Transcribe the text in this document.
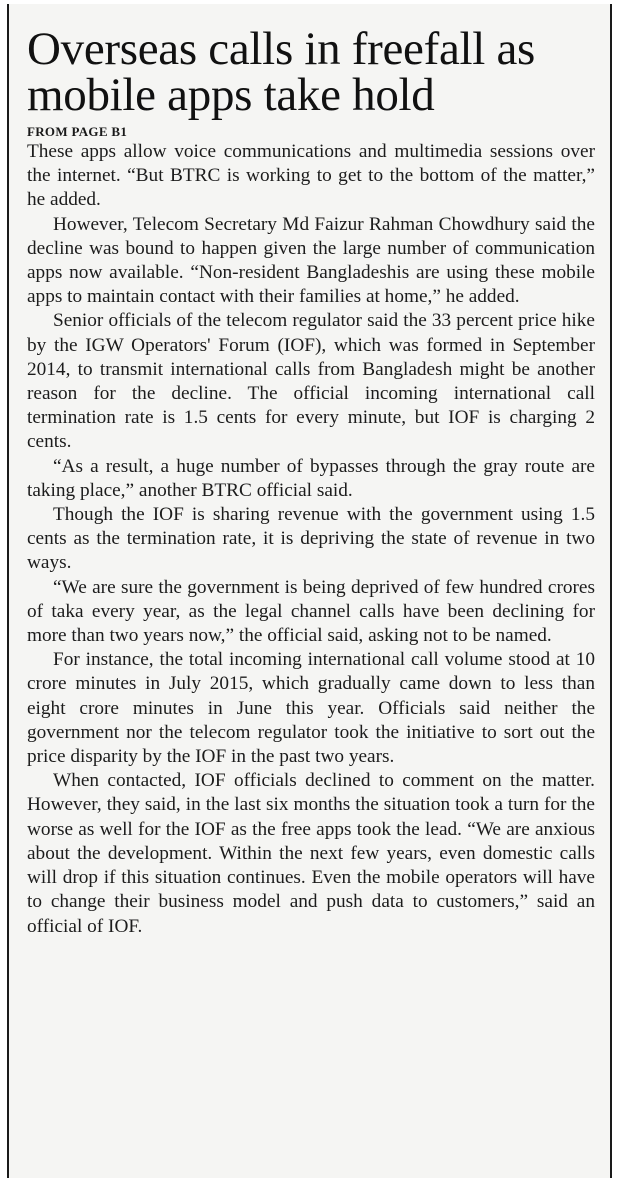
Overseas calls in freefall as mobile apps take hold
FROM PAGE B1

These apps allow voice communications and multimedia sessions over the internet. “But BTRC is working to get to the bottom of the matter,” he added.

However, Telecom Secretary Md Faizur Rahman Chowdhury said the decline was bound to happen given the large number of communication apps now available. “Non-resident Bangladeshis are using these mobile apps to maintain contact with their families at home,” he added.

Senior officials of the telecom regulator said the 33 percent price hike by the IGW Operators' Forum (IOF), which was formed in September 2014, to transmit international calls from Bangladesh might be another reason for the decline. The official incoming international call termination rate is 1.5 cents for every minute, but IOF is charging 2 cents.

“As a result, a huge number of bypasses through the gray route are taking place,” another BTRC official said.

Though the IOF is sharing revenue with the government using 1.5 cents as the termination rate, it is depriving the state of revenue in two ways.

“We are sure the government is being deprived of few hundred crores of taka every year, as the legal channel calls have been declining for more than two years now,” the official said, asking not to be named.

For instance, the total incoming international call volume stood at 10 crore minutes in July 2015, which gradually came down to less than eight crore minutes in June this year. Officials said neither the government nor the telecom regulator took the initiative to sort out the price disparity by the IOF in the past two years.

When contacted, IOF officials declined to comment on the matter. However, they said, in the last six months the situation took a turn for the worse as well for the IOF as the free apps took the lead. “We are anxious about the development. Within the next few years, even domestic calls will drop if this situation continues. Even the mobile operators will have to change their business model and push data to customers,” said an official of IOF.
